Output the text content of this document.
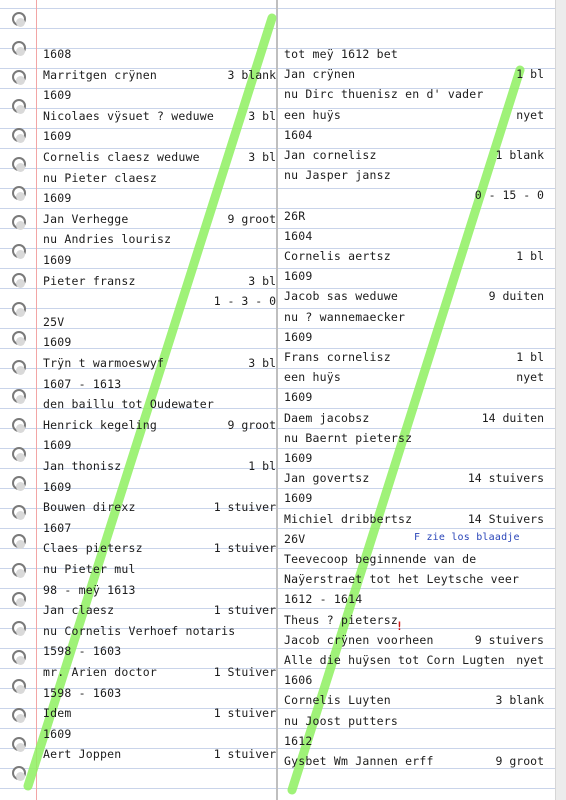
1608
Marritgen crÿnen	3 blank
1609
Nicolaes vÿsuet ? weduwe	3 bl
1609
Cornelis claesz weduwe	3 bl
nu Pieter claesz
1609
Jan Verhegge	9 groot
nu Andries lourisz
1609
Pieter fransz	3 bl
1 - 3 - 0
25V
1609
Trÿn t warmoeswyf	3 bl
1607 - 1613
den baillu tot Oudewater
Henrick kegeling	9 groot
1609
Jan thonisz	1 bl
1609
Bouwen direxz	1 stuiver
1607
Claes pietersz	1 stuiver
nu Pieter mul
98 - meÿ 1613
Jan claesz	1 stuiver
nu Cornelis Verhoef notaris
1598 - 1603
mr. Arien doctor	1 Stuiver
1598 - 1603
Idem	1 stuiver
1609
Aert Joppen	1 stuiver
tot meÿ 1612 bet
Jan crÿnen	1 bl
nu Dirc thuenisz en d' vader
een huÿs	nyet
1604
Jan cornelisz	1 blank
nu Jasper jansz
0 - 15 - 0
26R
1604
Cornelis aertsz	1 bl
1609
Jacob sas weduwe	9 duiten
nu ? wannemaecker
1609
Frans cornelisz	1 bl
een huÿs	nyet
1609
Daem jacobsz	14 duiten
nu Baernt pietersz
1609
Jan govertsz	14 stuivers
1609
Michiel dribbertsz	14 Stuivers
26V
Teevecoop beginnende van de
Naÿerstraet tot het Leytsche veer
1612 - 1614
Theus ? pietersz
Jacob crÿnen voorheen	9 stuivers
Alle die huÿsen tot Corn Lugten nyet
1606
Cornelis Luyten	3 blank
nu Joost putters
1612
Gysbet Wm Jannen erff	9 groot
F zie los blaadje
!
